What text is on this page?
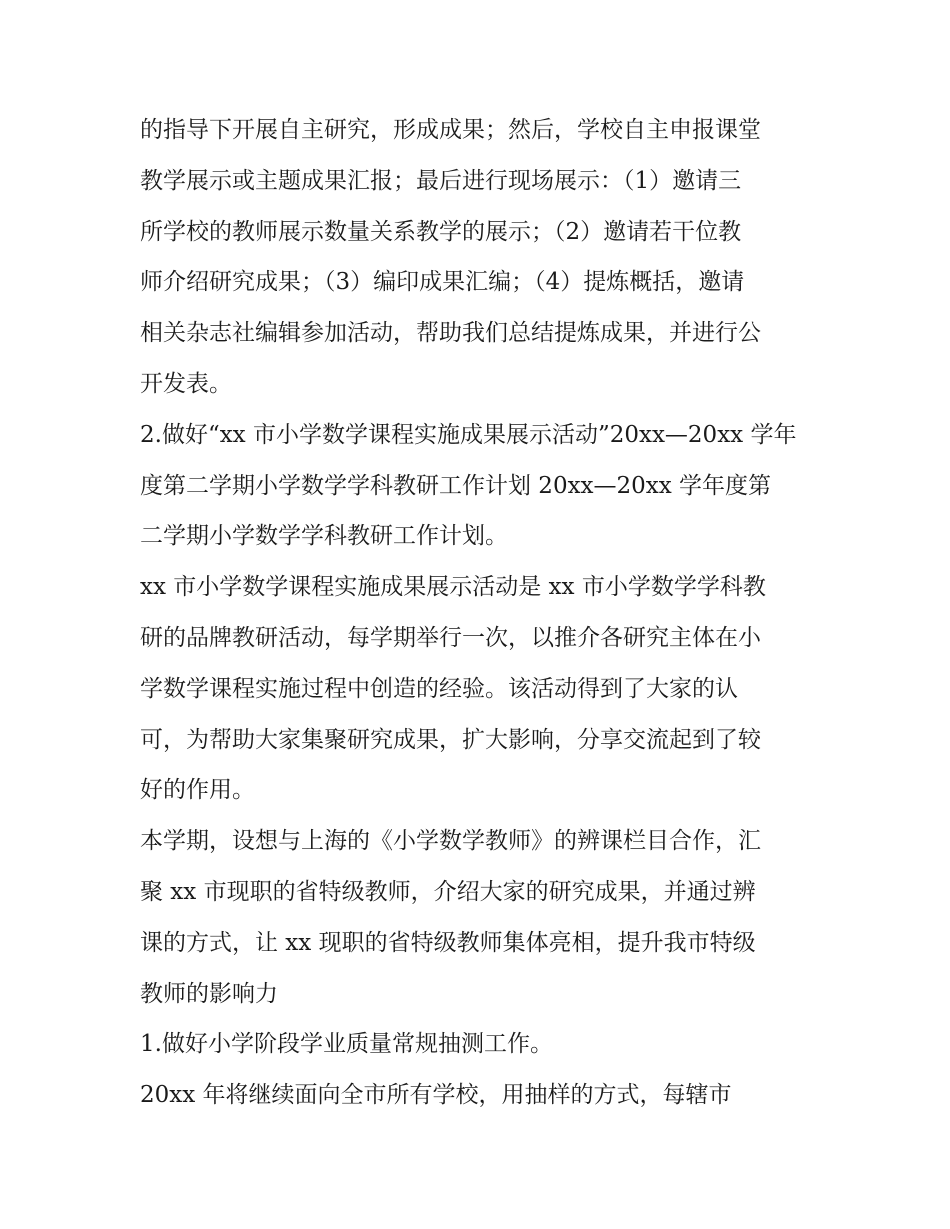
的指导下开展自主研究，形成成果；然后，学校自主申报课堂
教学展示或主题成果汇报；最后进行现场展示：（1）邀请三
所学校的教师展示数量关系教学的展示；（2）邀请若干位教
师介绍研究成果；（3）编印成果汇编；（4）提炼概括，邀请
相关杂志社编辑参加活动，帮助我们总结提炼成果，并进行公
开发表。

2.做好“xx 市小学数学课程实施成果展示活动”20xx—20xx 学年
度第二学期小学数学学科教研工作计划 20xx—20xx 学年度第
二学期小学数学学科教研工作计划。

xx 市小学数学课程实施成果展示活动是 xx 市小学数学学科教
研的品牌教研活动，每学期举行一次，以推介各研究主体在小
学数学课程实施过程中创造的经验。该活动得到了大家的认
可，为帮助大家集聚研究成果，扩大影响，分享交流起到了较
好的作用。

本学期，设想与上海的《小学数学教师》的辨课栏目合作，汇
聚 xx 市现职的省特级教师，介绍大家的研究成果，并通过辨
课的方式，让 xx 现职的省特级教师集体亮相，提升我市特级
教师的影响力

1.做好小学阶段学业质量常规抽测工作。

20xx 年将继续面向全市所有学校，用抽样的方式，每辖市
